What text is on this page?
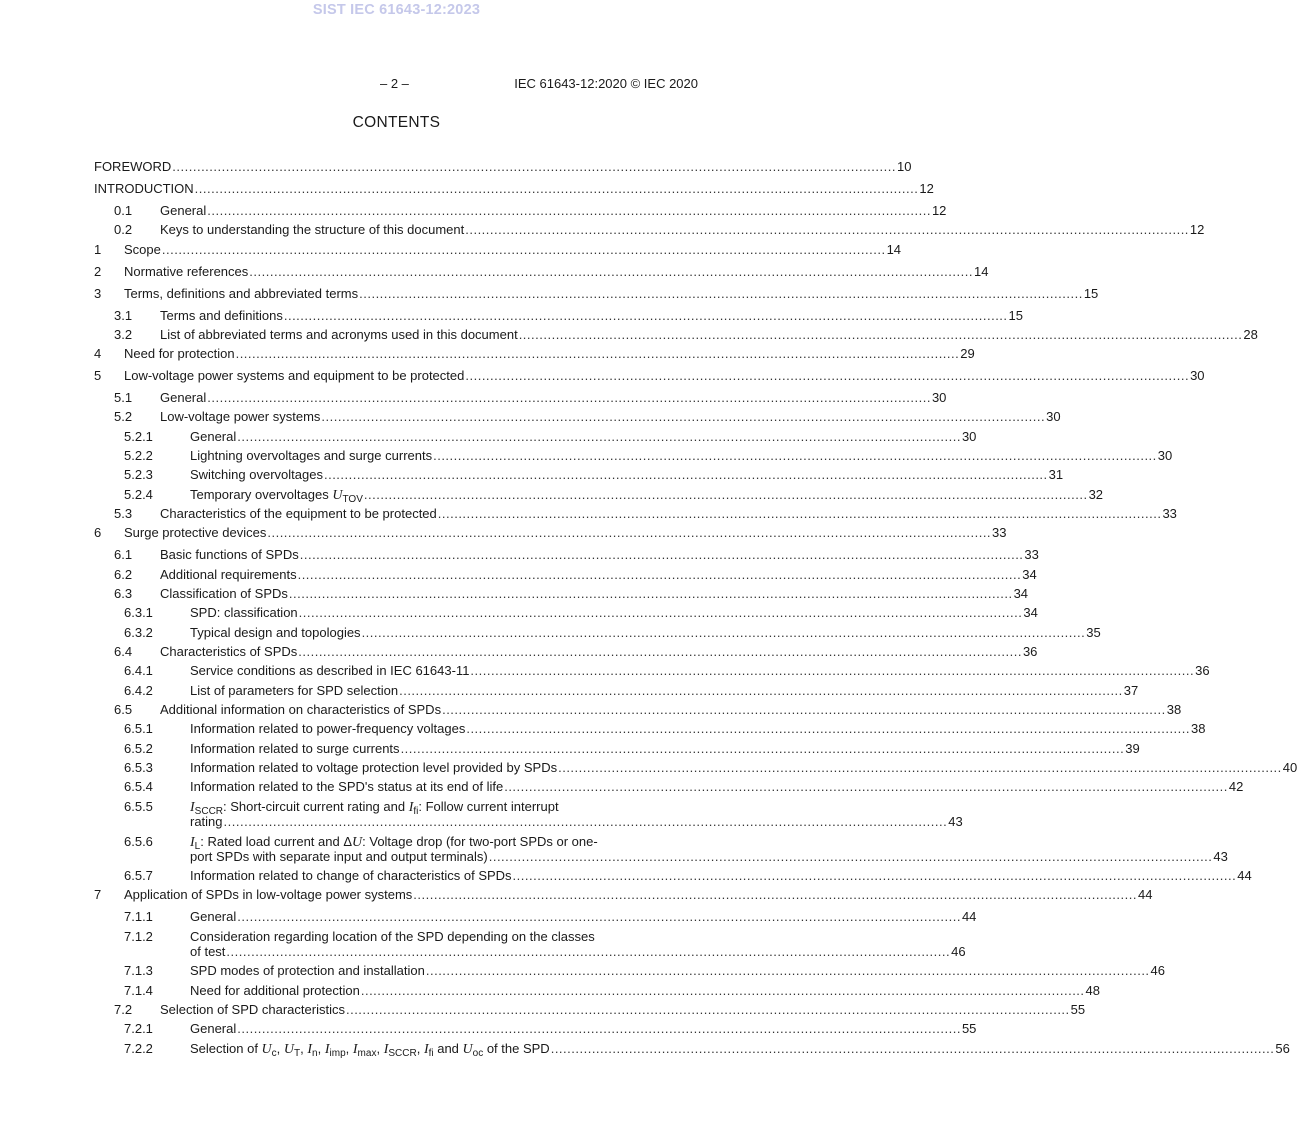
SIST IEC 61643-12:2023
– 2 –	IEC 61643-12:2020 © IEC 2020
CONTENTS
FOREWORD ................................................................................................................................................................................ 10
INTRODUCTION ................................................................................................................................................................................ 12
0.1 General ................................................................................................................................................................................ 12
0.2 Keys to understanding the structure of this document ................................................................................................................................................................................ 12
1 Scope ................................................................................................................................................................................ 14
2 Normative references ................................................................................................................................................................................ 14
3 Terms, definitions and abbreviated terms ................................................................................................................................................................................ 15
3.1 Terms and definitions ................................................................................................................................................................................ 15
3.2 List of abbreviated terms and acronyms used in this document ................................................................................................................................................................................ 28
4 Need for protection ................................................................................................................................................................................ 29
5 Low-voltage power systems and equipment to be protected ................................................................................................................................................................................ 30
5.1 General ................................................................................................................................................................................ 30
5.2 Low-voltage power systems ................................................................................................................................................................................ 30
5.2.1	General ................................................................................................................................................................................ 30
5.2.2	Lightning overvoltages and surge currents ................................................................................................................................................................................ 30
5.2.3	Switching overvoltages ................................................................................................................................................................................ 31
5.2.4	Temporary overvoltages $U_{TOV}$ ................................................................................................................................................................................ 32
5.3 Characteristics of the equipment to be protected ................................................................................................................................................................................ 33
6 Surge protective devices ................................................................................................................................................................................ 33
6.1 Basic functions of SPDs ................................................................................................................................................................................ 33
6.2 Additional requirements ................................................................................................................................................................................ 34
6.3 Classification of SPDs ................................................................................................................................................................................ 34
6.3.1	SPD: classification ................................................................................................................................................................................ 34
6.3.2	Typical design and topologies ................................................................................................................................................................................ 35
6.4 Characteristics of SPDs ................................................................................................................................................................................ 36
6.4.1	Service conditions as described in IEC 61643-11 ................................................................................................................................................................................ 36
6.4.2	List of parameters for SPD selection ................................................................................................................................................................................ 37
6.5 Additional information on characteristics of SPDs ................................................................................................................................................................................ 38
6.5.1	Information related to power-frequency voltages ................................................................................................................................................................................ 38
6.5.2	Information related to surge currents ................................................................................................................................................................................ 39
6.5.3	Information related to voltage protection level provided by SPDs ................................................................................................................................................................................ 40
6.5.4	Information related to the SPD's status at its end of life ................................................................................................................................................................................ 42
6.5.5	$I_{SCCR}$: Short-circuit current rating and $I_{fi}$: Follow current interrupt
rating ................................................................................................................................................................................ 43
6.5.6	$I_L$: Rated load current and ΔU: Voltage drop (for two-port SPDs or one-
port SPDs with separate input and output terminals) ................................................................................................................................................................................ 43
6.5.7	Information related to change of characteristics of SPDs ................................................................................................................................................................................ 44
7 Application of SPDs in low-voltage power systems ................................................................................................................................................................................ 44
7.1.1	General ................................................................................................................................................................................ 44
7.1.2	Consideration regarding location of the SPD depending on the classes
of test ................................................................................................................................................................................ 46
7.1.3	SPD modes of protection and installation ................................................................................................................................................................................ 46
7.1.4	Need for additional protection ................................................................................................................................................................................ 48
7.2 Selection of SPD characteristics ................................................................................................................................................................................ 55
7.2.1	General ................................................................................................................................................................................ 55
7.2.2	Selection of $U_c$, $U_T$, $I_n$, $I_{imp}$, $I_{max}$, $I_{SCCR}$, $I_{fi}$ and $U_{oc}$ of the SPD ................................................................................................................................................................................ 56
